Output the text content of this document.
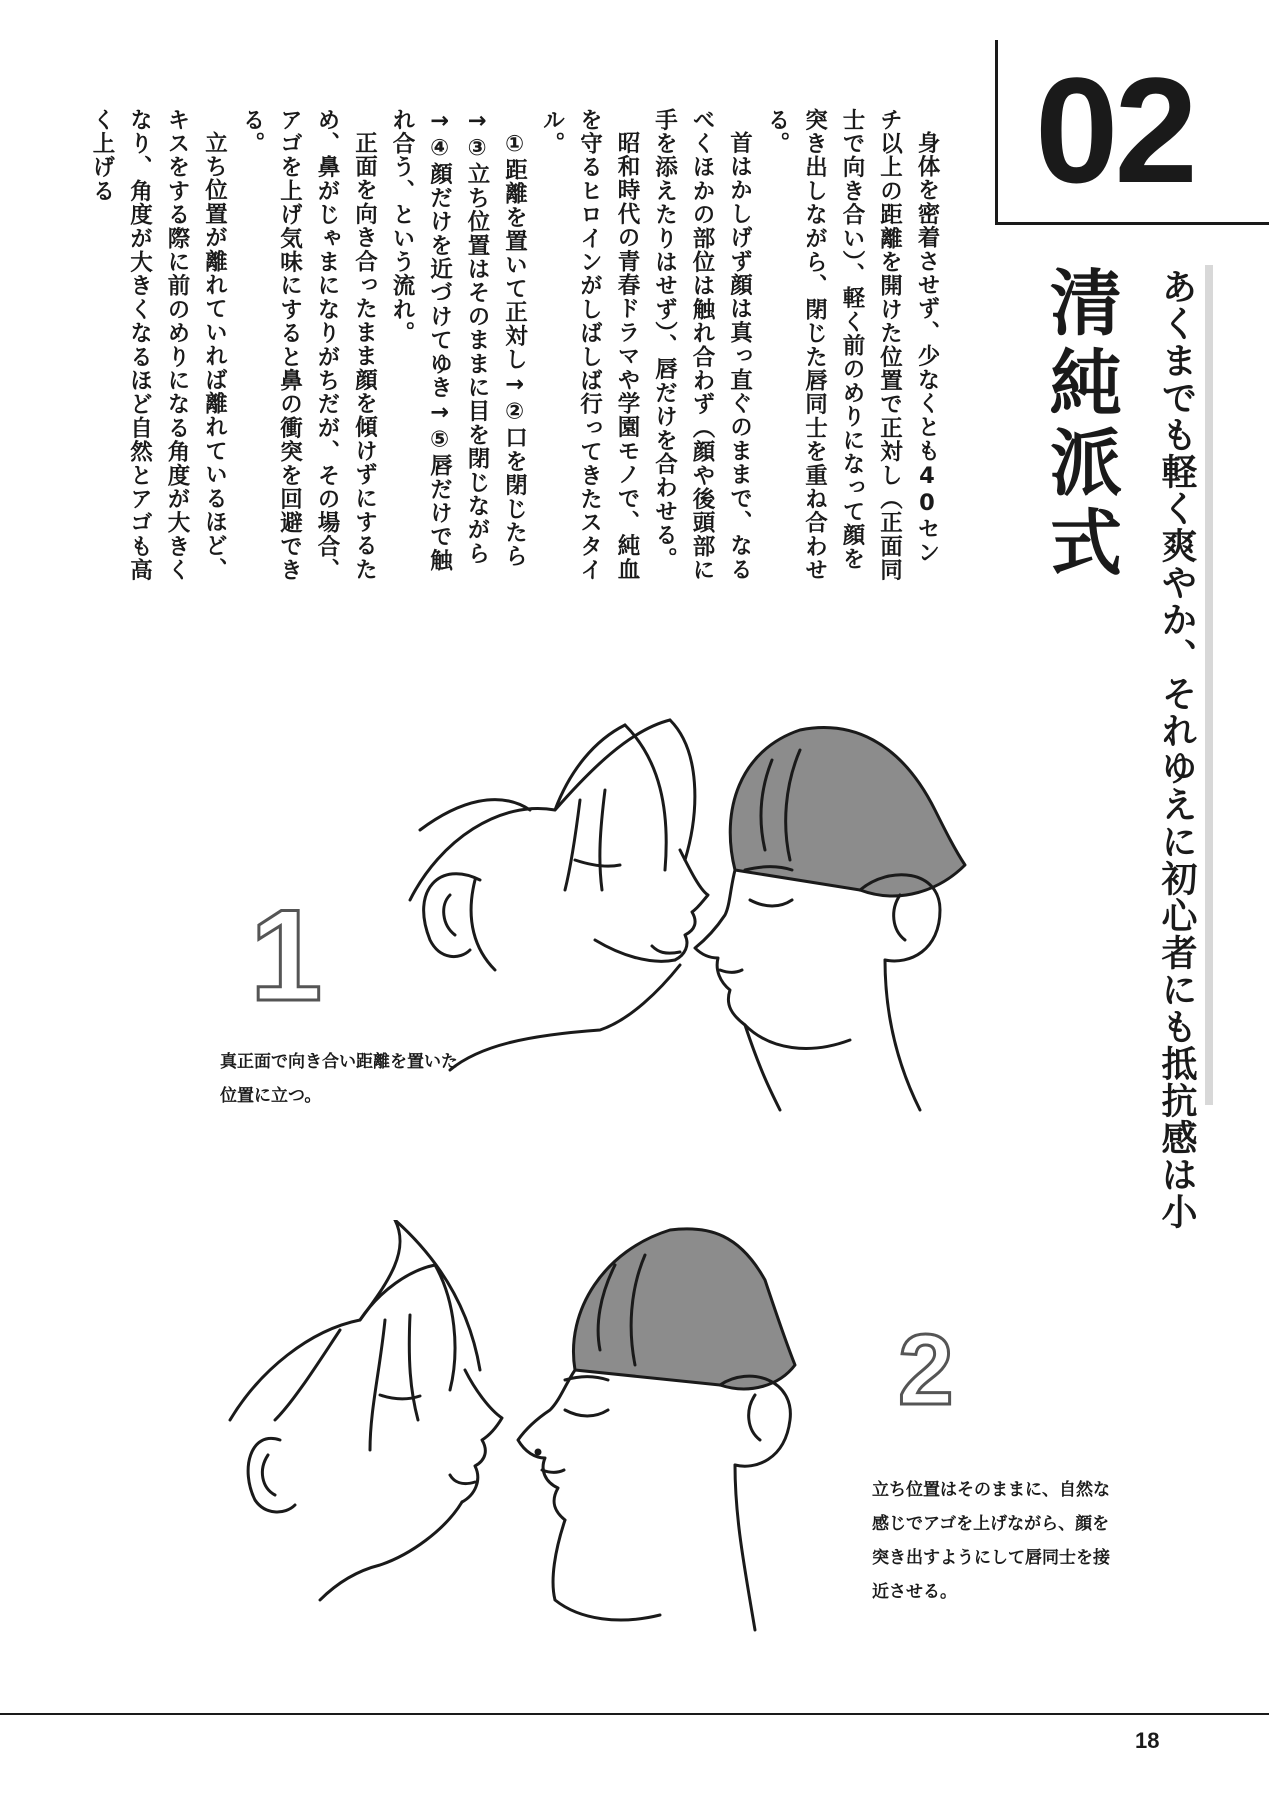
02
清純派式 あくまでも軽く爽やか、それゆえに初心者にも抵抗感は小

身体を密着させず、少なくとも40センチ以上の距離を開けた位置で正対し（正面同士で向き合い）、軽く前のめりになって顔を突き出しながら、閉じた唇同士を重ね合わせる。

首はかしげず顔は真っ直ぐのままで、なるべくほかの部位は触れ合わず（顔や後頭部に手を添えたりはせず）、唇だけを合わせる。

昭和時代の青春ドラマや学園モノで、純血を守るヒロインがしばしば行ってきたスタイル。

①距離を置いて正対し→②口を閉じたら→③立ち位置はそのままに目を閉じながら→④顔だけを近づけてゆき→⑤唇だけで触れ合う、という流れ。

正面を向き合ったまま顔を傾けずにするため、鼻がじゃまになりがちだが、その場合、アゴを上げ気味にすると鼻の衝突を回避できる。

立ち位置が離れていれば離れているほど、キスをする際に前のめりになる角度が大きくなり、角度が大きくなるほど自然とアゴも高く上げる

1
真正面で向き合い距離を置いた位置に立つ。
2
立ち位置はそのままに、自然な感じでアゴを上げながら、顔を突き出すようにして唇同士を接近させる。
18
